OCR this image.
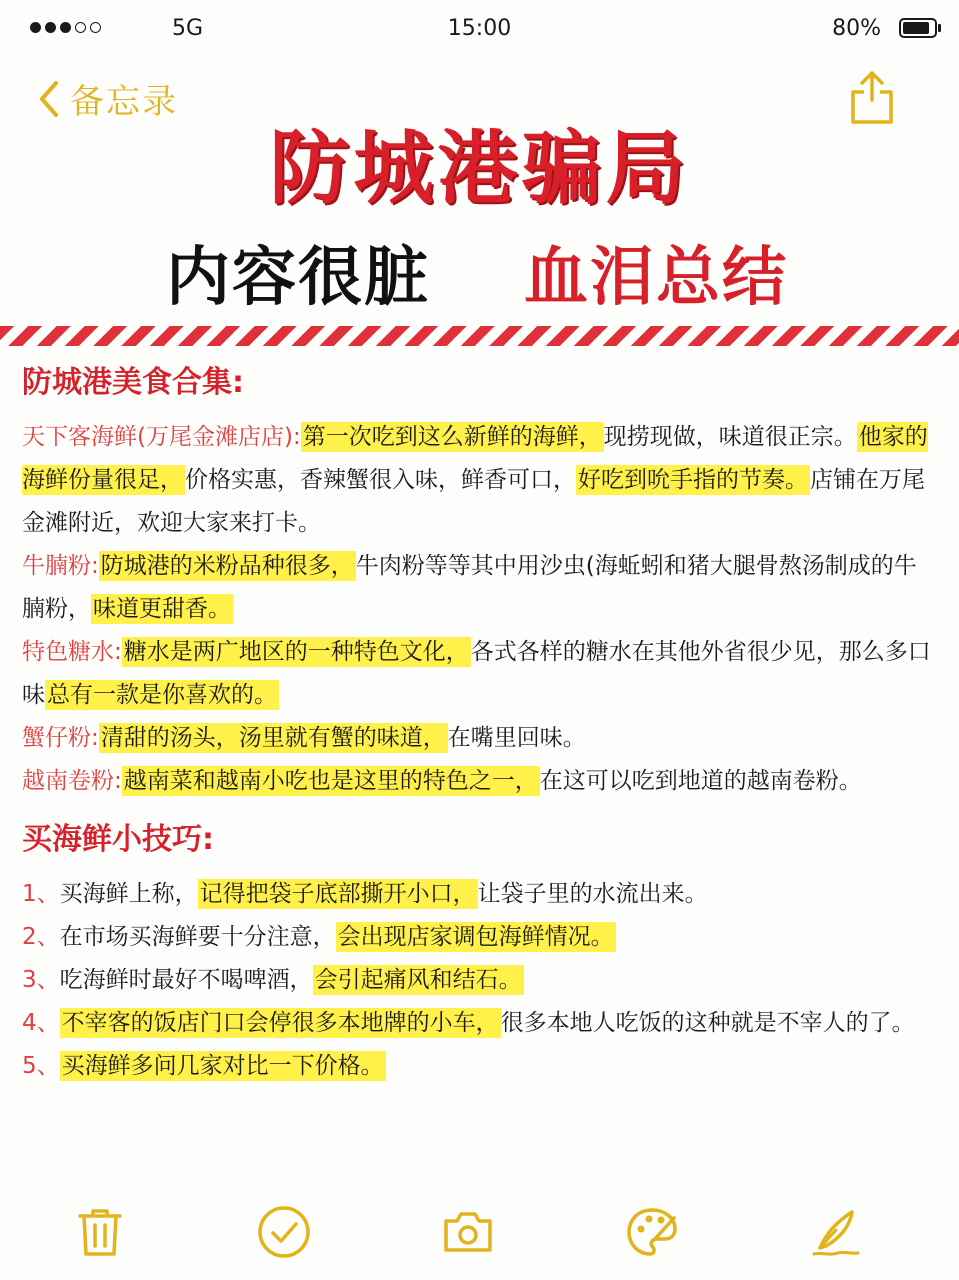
5G	15:00	80%
备忘录
防城港骗局
内容很脏 血泪总结
防城港美食合集:

天下客海鲜(万尾金滩店店):第一次吃到这么新鲜的海鲜，现捞现做，味道很正宗。他家的海鲜份量很足，价格实惠，香辣蟹很入味，鲜香可口，好吃到吮手指的节奏。店铺在万尾金滩附近，欢迎大家来打卡。

牛腩粉:防城港的米粉品种很多，牛肉粉等等其中用沙虫(海蚯蚓和猪大腿骨熬汤制成的牛腩粉，味道更甜香。

特色糖水:糖水是两广地区的一种特色文化，各式各样的糖水在其他外省很少见，那么多口味总有一款是你喜欢的。

蟹仔粉:清甜的汤头，汤里就有蟹的味道，在嘴里回味。

越南卷粉:越南菜和越南小吃也是这里的特色之一，在这可以吃到地道的越南卷粉。

买海鲜小技巧:

1、买海鲜上称，记得把袋子底部撕开小口，让袋子里的水流出来。

2、在市场买海鲜要十分注意，会出现店家调包海鲜情况。

3、吃海鲜时最好不喝啤酒，会引起痛风和结石。

4、不宰客的饭店门口会停很多本地牌的小车，很多本地人吃饭的这种就是不宰人的了。

5、买海鲜多问几家对比一下价格。
